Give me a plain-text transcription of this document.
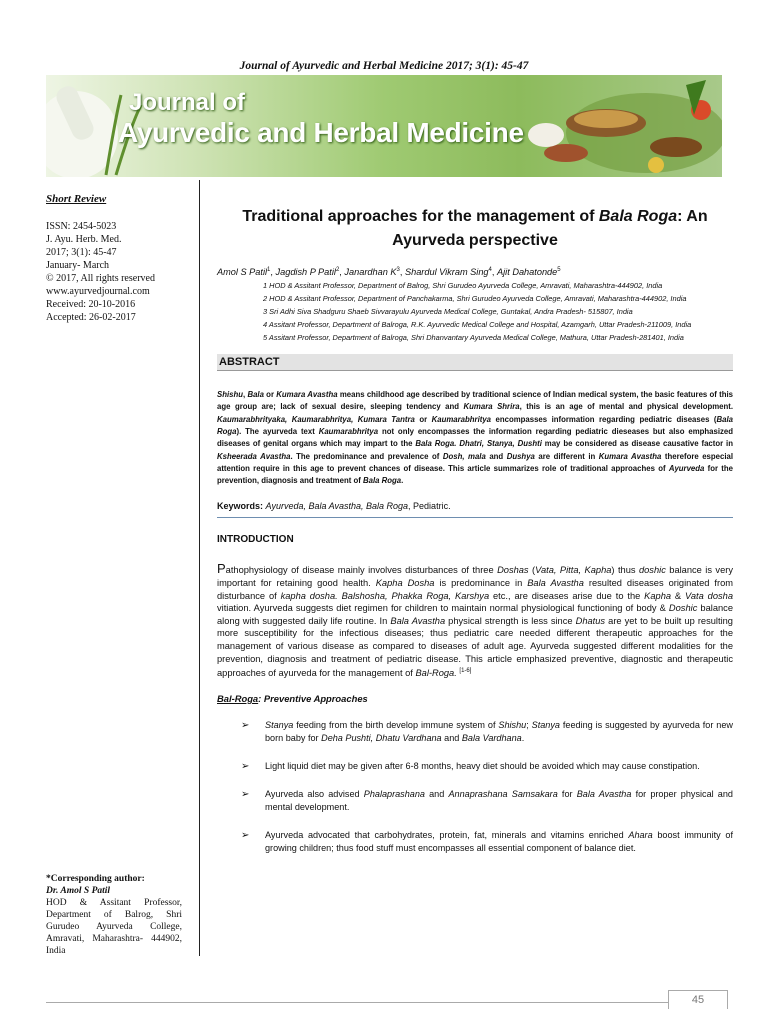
Journal of Ayurvedic and Herbal Medicine 2017; 3(1): 45-47
Journal of
Ayurvedic and Herbal Medicine
Short Review
ISSN: 2454-5023
J. Ayu. Herb. Med.
2017; 3(1): 45-47
January- March
© 2017, All rights reserved
www.ayurvedjournal.com
Received: 20-10-2016
Accepted: 26-02-2017
*Corresponding author:
Dr. Amol S Patil
HOD & Assitant Professor, Department of Balrog, Shri Gurudeo Ayurveda College, Amravati, Maharashtra- 444902, India
Traditional approaches for the management of Bala Roga: An Ayurveda perspective
Amol S Patil$^1$, Jagdish P Patil$^2$, Janardhan $K^3$, Shardul Vikram Sing$^4$, Ajit Dahatonde$^5$
1 HOD & Assitant Professor, Department of Balrog, Shri Gurudeo Ayurveda College, Amravati, Maharashtra-444902, India
2 HOD & Assitant Professor, Department of Panchakarma, Shri Gurudeo Ayurveda College, Amravati, Maharashtra-444902, India
3 Sri Adhi Siva Shadguru Shaeb Sivvarayulu Ayurveda Medical College, Guntakal, Andra Pradesh- 515807, India
4 Assitant Professor, Department of Balroga, R.K. Ayurvedic Medical College and Hospital, Azamgarh, Uttar Pradesh-211009, India
5 Assitant Professor, Department of Balroga, Shri Dhanvantary Ayurveda Medical College, Mathura, Uttar Pradesh-281401, India
ABSTRACT
Shishu, Bala or Kumara Avastha means childhood age described by traditional science of Indian medical system, the basic features of this age group are; lack of sexual desire, sleeping tendency and Kumara Shrira, this is an age of mental and physical development. Kaumarabhrityaka, Kaumarabhritya, Kumara Tantra or Kaumarabhritya encompasses information regarding pediatric diseases (Bala Roga). The ayurveda text Kaumarabhritya not only encompasses the information regarding pediatric dieseases but also emphasized diseases of genital organs which may impart to the Bala Roga. Dhatri, Stanya, Dushti may be considered as disease causative factor in Ksheerada Avastha. The predominance and prevalence of Dosh, mala and Dushya are different in Kumara Avastha therefore especial attention require in this age to prevent chances of disease. This article summarizes role of traditional approaches of Ayurveda for the prevention, diagnosis and treatment of Bala Roga.
Keywords: Ayurveda, Bala Avastha, Bala Roga, Pediatric.
INTRODUCTION
Pathophysiology of disease mainly involves disturbances of three Doshas (Vata, Pitta, Kapha) thus doshic balance is very important for retaining good health. Kapha Dosha is predominance in Bala Avastha resulted diseases originated from disturbance of kapha dosha. Balshosha, Phakka Roga, Karshya etc., are diseases arise due to the Kapha & Vata dosha vitiation. Ayurveda suggests diet regimen for children to maintain normal physiological functioning of body & Doshic balance along with suggested daily life routine. In Bala Avastha physical strength is less since Dhatus are yet to be built up resulting more susceptibility for the infectious diseases; thus pediatric care needed different therapeutic approaches for the management of various disease as compared to diseases of adult age. Ayurveda suggested different modalities for the prevention, diagnosis and treatment of pediatric disease. This article emphasized preventive, diagnostic and therapeutic approaches of ayurveda for the management of Bal-Roga. [1-6]
Bal-Roga: Preventive Approaches
➢ Stanya feeding from the birth develop immune system of Shishu; Stanya feeding is suggested by ayurveda for new born baby for Deha Pushti, Dhatu Vardhana and Bala Vardhana.
➢ Light liquid diet may be given after 6-8 months, heavy diet should be avoided which may cause constipation.
➢ Ayurveda also advised Phalaprashana and Annaprashana Samsakara for Bala Avastha for proper physical and mental development.
➢ Ayurveda advocated that carbohydrates, protein, fat, minerals and vitamins enriched Ahara boost immunity of growing children; thus food stuff must encompasses all essential component of balance diet.
45
